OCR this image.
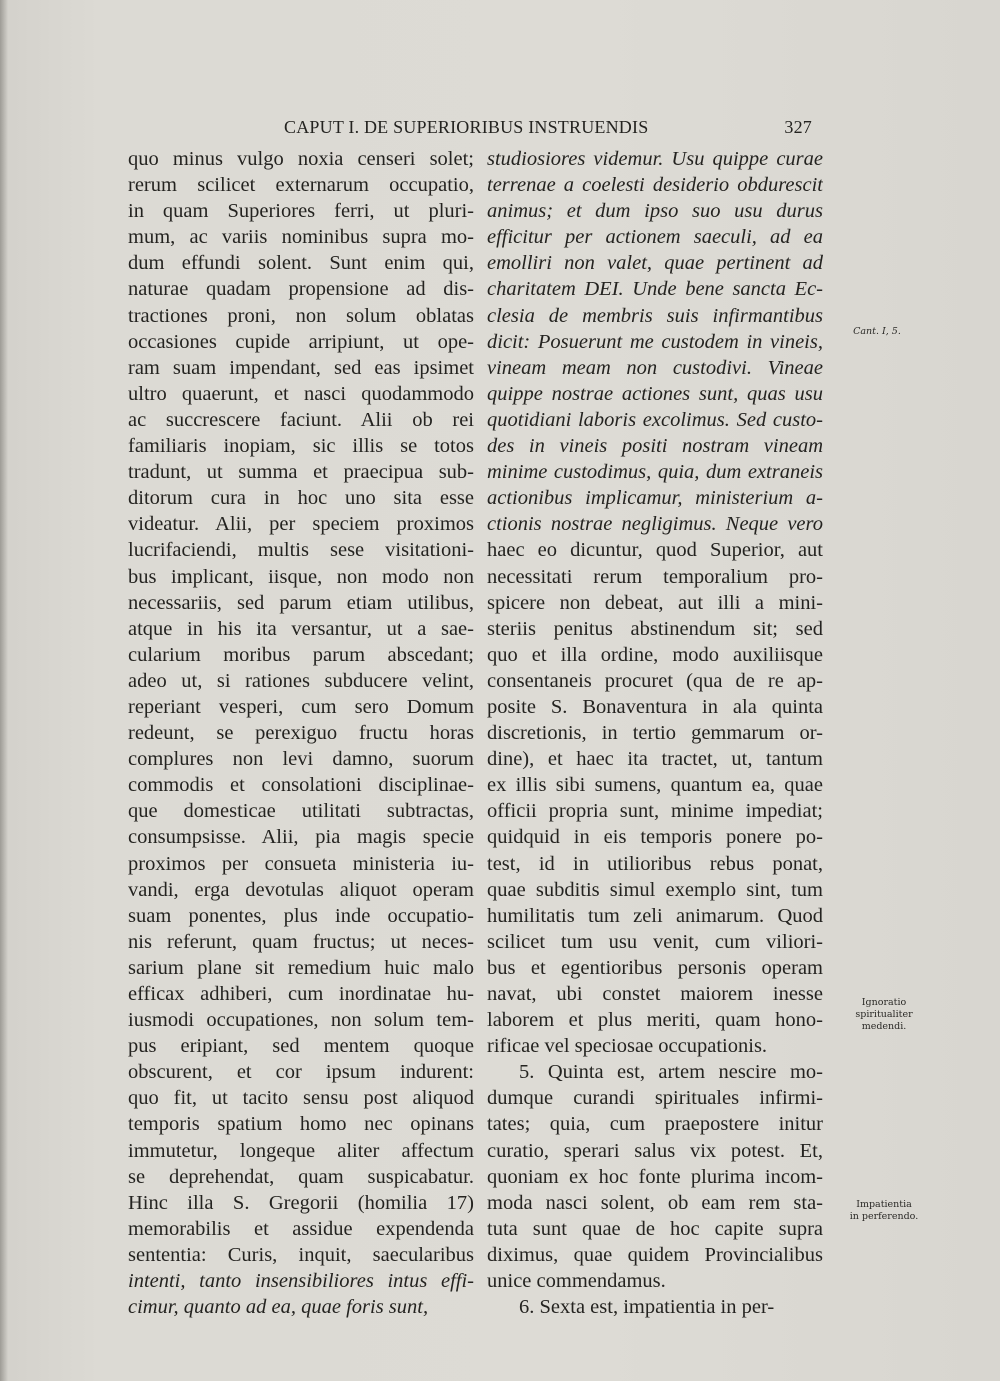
CAPUT I. DE SUPERIORIBUS INSTRUENDIS	327
quo minus vulgo noxia censeri solet;
rerum scilicet externarum occupatio,
in quam Superiores ferri, ut pluri-
mum, ac variis nominibus supra mo-
dum effundi solent. Sunt enim qui,
naturae quadam propensione ad dis-
tractiones proni, non solum oblatas
occasiones cupide arripiunt, ut ope-
ram suam impendant, sed eas ipsimet
ultro quaerunt, et nasci quodammodo
ac succrescere faciunt. Alii ob rei
familiaris inopiam, sic illis se totos
tradunt, ut summa et praecipua sub-
ditorum cura in hoc uno sita esse
videatur. Alii, per speciem proximos
lucrifaciendi, multis sese visitationi-
bus implicant, iisque, non modo non
necessariis, sed parum etiam utilibus,
atque in his ita versantur, ut a sae-
cularium moribus parum abscedant;
adeo ut, si rationes subducere velint,
reperiant vesperi, cum sero Domum
redeunt, se perexiguo fructu horas
complures non levi damno, suorum
commodis et consolationi disciplinae-
que domesticae utilitati subtractas,
consumpsisse. Alii, pia magis specie
proximos per consueta ministeria iu-
vandi, erga devotulas aliquot operam
suam ponentes, plus inde occupatio-
nis referunt, quam fructus; ut neces-
sarium plane sit remedium huic malo
efficax adhiberi, cum inordinatae hu-
iusmodi occupationes, non solum tem-
pus eripiant, sed mentem quoque
obscurent, et cor ipsum indurent:
quo fit, ut tacito sensu post aliquod
temporis spatium homo nec opinans
immutetur, longeque aliter affectum
se deprehendat, quam suspicabatur.
Hinc illa S. Gregorii (homilia 17)
memorabilis et assidue expendenda
sententia: Curis, inquit, saecularibus
intenti, tanto insensibiliores intus effi-
cimur, quanto ad ea, quae foris sunt,
studiosiores videmur. Usu quippe curae
terrenae a coelesti desiderio obdurescit
animus; et dum ipso suo usu durus
efficitur per actionem saeculi, ad ea
emolliri non valet, quae pertinent ad
charitatem DEI. Unde bene sancta Ec-
clesia de membris suis infirmantibus
dicit: Posuerunt me custodem in vineis,
vineam meam non custodivi. Vineae
quippe nostrae actiones sunt, quas usu
quotidiani laboris excolimus. Sed custo-
des in vineis positi nostram vineam
minime custodimus, quia, dum extraneis
actionibus implicamur, ministerium a-
ctionis nostrae negligimus. Neque vero
haec eo dicuntur, quod Superior, aut
necessitati rerum temporalium pro-
spicere non debeat, aut illi a mini-
steriis penitus abstinendum sit; sed
quo et illa ordine, modo auxiliisque
consentaneis procuret (qua de re ap-
posite S. Bonaventura in ala quinta
discretionis, in tertio gemmarum or-
dine), et haec ita tractet, ut, tantum
ex illis sibi sumens, quantum ea, quae
officii propria sunt, minime impediat;
quidquid in eis temporis ponere po-
test, id in utilioribus rebus ponat,
quae subditis simul exemplo sint, tum
humilitatis tum zeli animarum. Quod
scilicet tum usu venit, cum viliori-
bus et egentioribus personis operam
navat, ubi constet maiorem inesse
laborem et plus meriti, quam hono-
rificae vel speciosae occupationis.
5. Quinta est, artem nescire mo-
dumque curandi spirituales infirmi-
tates; quia, cum praepostere initur
curatio, sperari salus vix potest. Et,
quoniam ex hoc fonte plurima incom-
moda nasci solent, ob eam rem sta-
tuta sunt quae de hoc capite supra
diximus, quae quidem Provincialibus
unice commendamus.
6. Sexta est, impatientia in per-
Cant. I, 5.
Ignoratio
spiritualiter
medendi.
Impatientia
in perferendo.
